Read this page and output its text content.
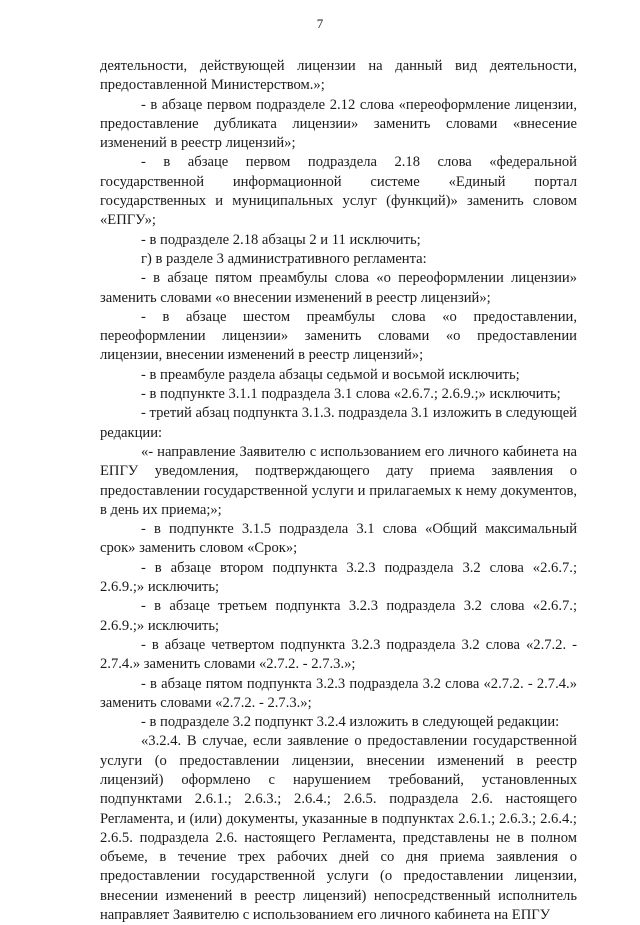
7

деятельности, действующей лицензии на данный вид деятельности, предоставленной Министерством.»;

- в абзаце первом подразделе 2.12 слова «переоформление лицензии, предоставление дубликата лицензии» заменить словами «внесение изменений в реестр лицензий»;

- в абзаце первом подраздела 2.18 слова «федеральной государственной информационной системе «Единый портал государственных и муниципальных услуг (функций)» заменить словом «ЕПГУ»;

- в подразделе 2.18 абзацы 2 и 11 исключить;

г) в разделе 3 административного регламента:

- в абзаце пятом преамбулы слова «о переоформлении лицензии» заменить словами «о внесении изменений в реестр лицензий»;

- в абзаце шестом преамбулы слова «о предоставлении, переоформлении лицензии» заменить словами «о предоставлении лицензии, внесении изменений в реестр лицензий»;

- в преамбуле раздела абзацы седьмой и восьмой исключить;

- в подпункте 3.1.1 подраздела 3.1 слова «2.6.7.; 2.6.9.;» исключить;

- третий абзац подпункта 3.1.3. подраздела 3.1 изложить в следующей редакции:

«- направление Заявителю с использованием его личного кабинета на ЕПГУ уведомления, подтверждающего дату приема заявления о предоставлении государственной услуги и прилагаемых к нему документов, в день их приема;»;

- в подпункте 3.1.5 подраздела 3.1 слова «Общий максимальный срок» заменить словом «Срок»;

- в абзаце втором подпункта 3.2.3 подраздела 3.2 слова «2.6.7.; 2.6.9.;» исключить;

- в абзаце третьем подпункта 3.2.3 подраздела 3.2 слова «2.6.7.; 2.6.9.;» исключить;

- в абзаце четвертом подпункта 3.2.3 подраздела 3.2 слова «2.7.2. - 2.7.4.» заменить словами «2.7.2. - 2.7.3.»;

- в абзаце пятом подпункта 3.2.3 подраздела 3.2 слова «2.7.2. - 2.7.4.» заменить словами «2.7.2. - 2.7.3.»;

- в подразделе 3.2 подпункт 3.2.4 изложить в следующей редакции:

«3.2.4. В случае, если заявление о предоставлении государственной услуги (о предоставлении лицензии, внесении изменений в реестр лицензий) оформлено с нарушением требований, установленных подпунктами 2.6.1.; 2.6.3.; 2.6.4.; 2.6.5. подраздела 2.6. настоящего Регламента, и (или) документы, указанные в подпунктах 2.6.1.; 2.6.3.; 2.6.4.; 2.6.5. подраздела 2.6. настоящего Регламента, представлены не в полном объеме, в течение трех рабочих дней со дня приема заявления о предоставлении государственной услуги (о предоставлении лицензии, внесении изменений в реестр лицензий) непосредственный исполнитель направляет Заявителю с использованием его личного кабинета на ЕПГУ
